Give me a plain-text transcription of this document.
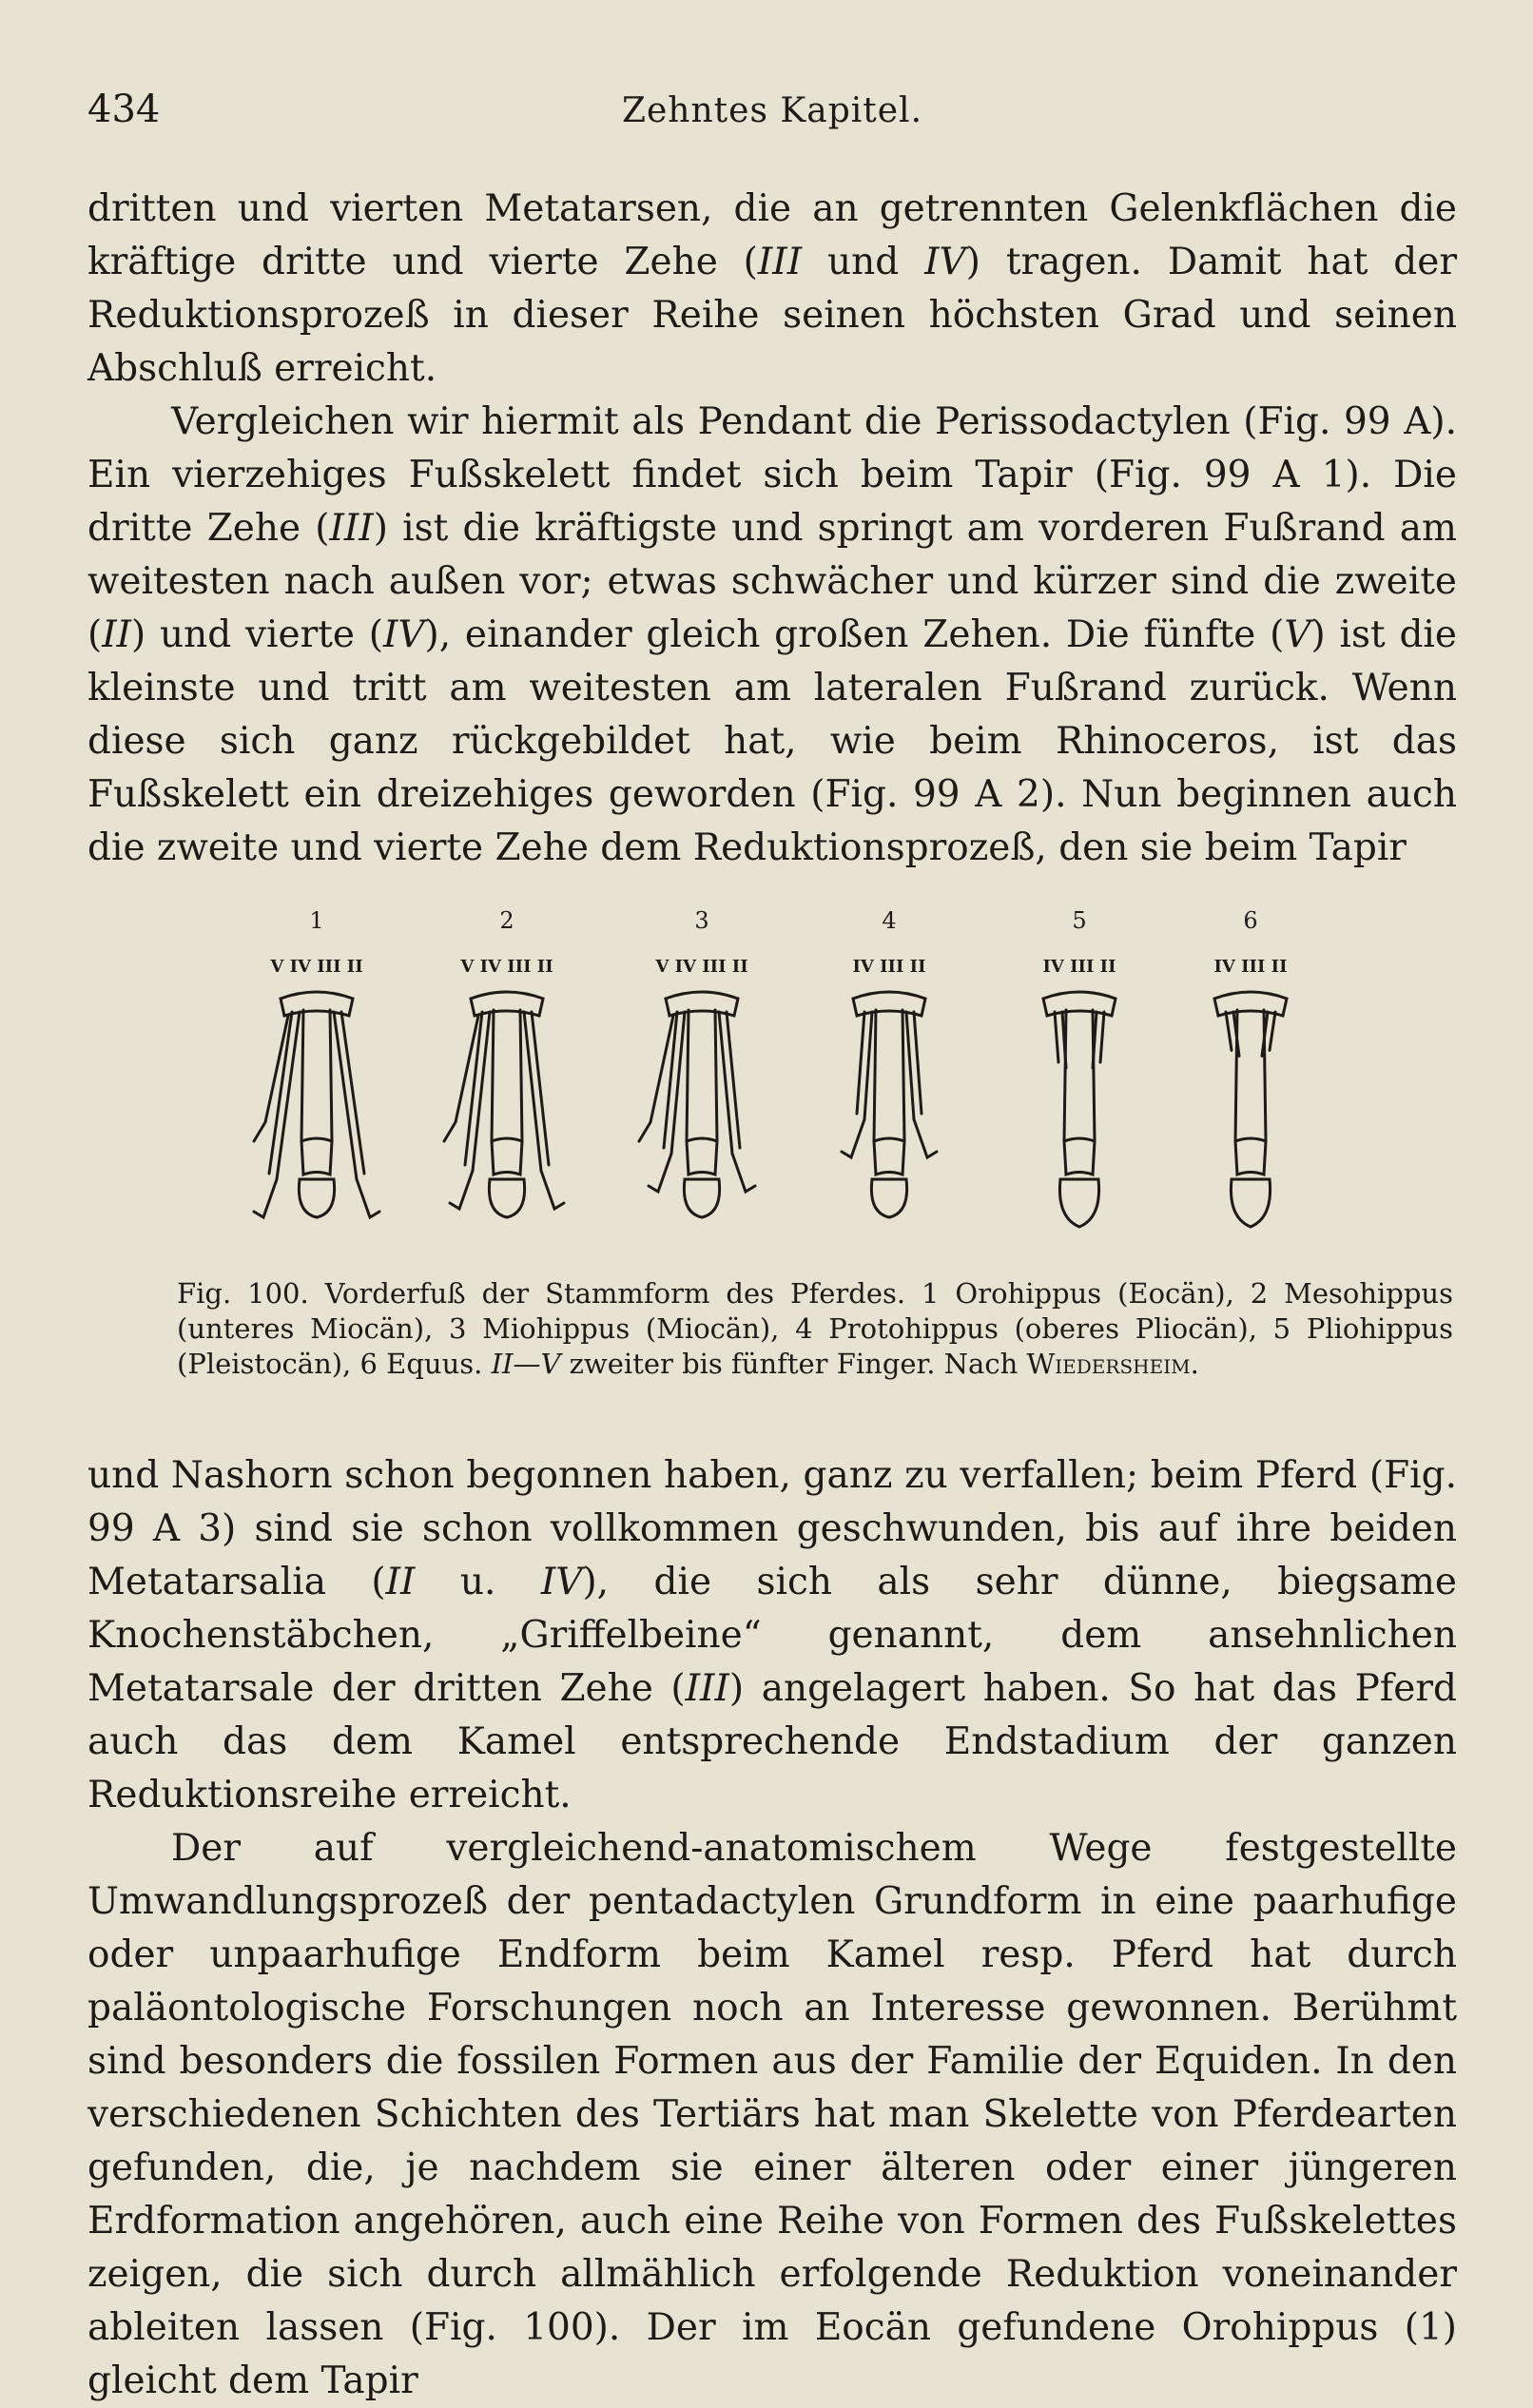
434	Zehntes Kapitel.

dritten und vierten Metatarsen, die an getrennten Gelenkflächen die kräftige dritte und vierte Zehe (III und IV) tragen. Damit hat der Reduktionsprozeß in dieser Reihe seinen höchsten Grad und seinen Abschluß erreicht.

Vergleichen wir hiermit als Pendant die Perissodactylen (Fig. 99 A). Ein vierzehiges Fußskelett findet sich beim Tapir (Fig. 99 A 1). Die dritte Zehe (III) ist die kräftigste und springt am vorderen Fußrand am weitesten nach außen vor; etwas schwächer und kürzer sind die zweite (II) und vierte (IV), einander gleich großen Zehen. Die fünfte (V) ist die kleinste und tritt am weitesten am lateralen Fußrand zurück. Wenn diese sich ganz rückgebildet hat, wie beim Rhinoceros, ist das Fußskelett ein dreizehiges geworden (Fig. 99 A 2). Nun beginnen auch die zweite und vierte Zehe dem Reduktionsprozeß, den sie beim Tapir

1
V IV III II
2
V IV III II
3
V IV III II
4
IV III II
5
IV III II
6
IV III II
Fig. 100. Vorderfuß der Stammform des Pferdes. 1 Orohippus (Eocän), 2 Mesohippus (unteres Miocän), 3 Miohippus (Miocän), 4 Protohippus (oberes Pliocän), 5 Pliohippus (Pleistocän), 6 Equus. II—V zweiter bis fünfter Finger. Nach Wiedersheim.

und Nashorn schon begonnen haben, ganz zu verfallen; beim Pferd (Fig. 99 A 3) sind sie schon vollkommen geschwunden, bis auf ihre beiden Metatarsalia (II u. IV), die sich als sehr dünne, biegsame Knochenstäbchen, „Griffelbeine“ genannt, dem ansehnlichen Metatarsale der dritten Zehe (III) angelagert haben. So hat das Pferd auch das dem Kamel entsprechende Endstadium der ganzen Reduktionsreihe erreicht.

Der auf vergleichend-anatomischem Wege festgestellte Umwandlungsprozeß der pentadactylen Grundform in eine paarhufige oder unpaarhufige Endform beim Kamel resp. Pferd hat durch paläontologische Forschungen noch an Interesse gewonnen. Berühmt sind besonders die fossilen Formen aus der Familie der Equiden. In den verschiedenen Schichten des Tertiärs hat man Skelette von Pferdearten gefunden, die, je nachdem sie einer älteren oder einer jüngeren Erdformation angehören, auch eine Reihe von Formen des Fußskelettes zeigen, die sich durch allmählich erfolgende Reduktion voneinander ableiten lassen (Fig. 100). Der im Eocän gefundene Orohippus (1) gleicht dem Tapir
